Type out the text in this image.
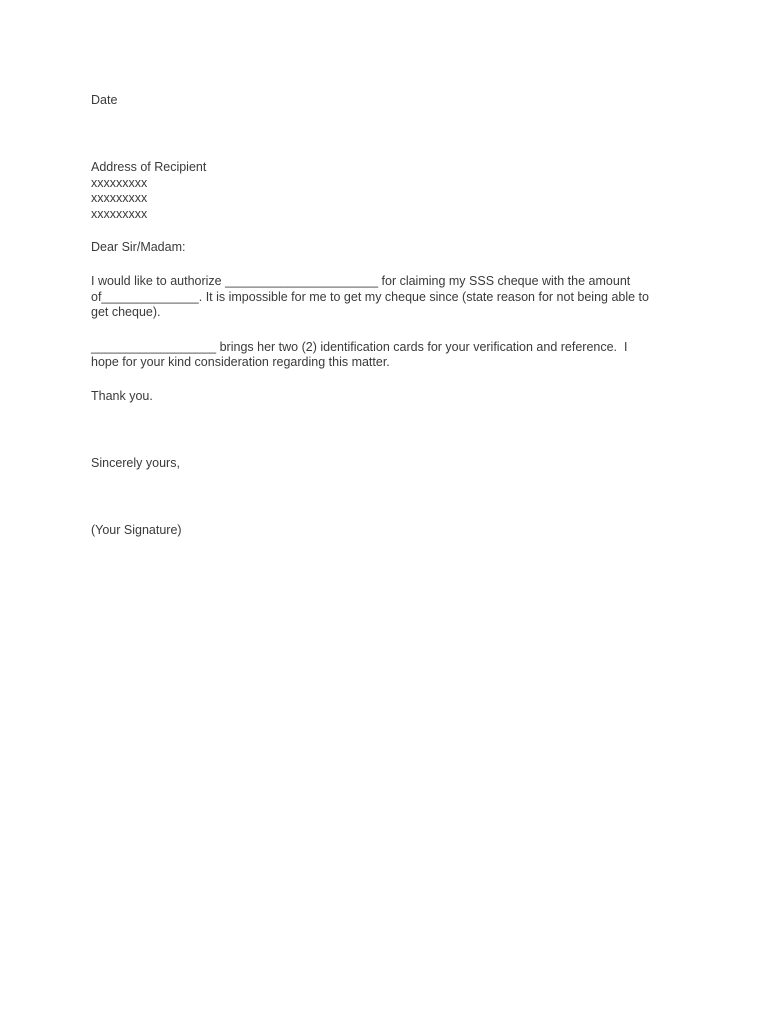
Date
Address of Recipient
xxxxxxxxx
xxxxxxxxx
xxxxxxxxx
Dear Sir/Madam:
I would like to authorize ______________________ for claiming my SSS cheque with the amount
of______________. It is impossible for me to get my cheque since (state reason for not being able to
get cheque).
__________________ brings her two (2) identification cards for your verification and reference.  I
hope for your kind consideration regarding this matter.
Thank you.
Sincerely yours,
(Your Signature)
